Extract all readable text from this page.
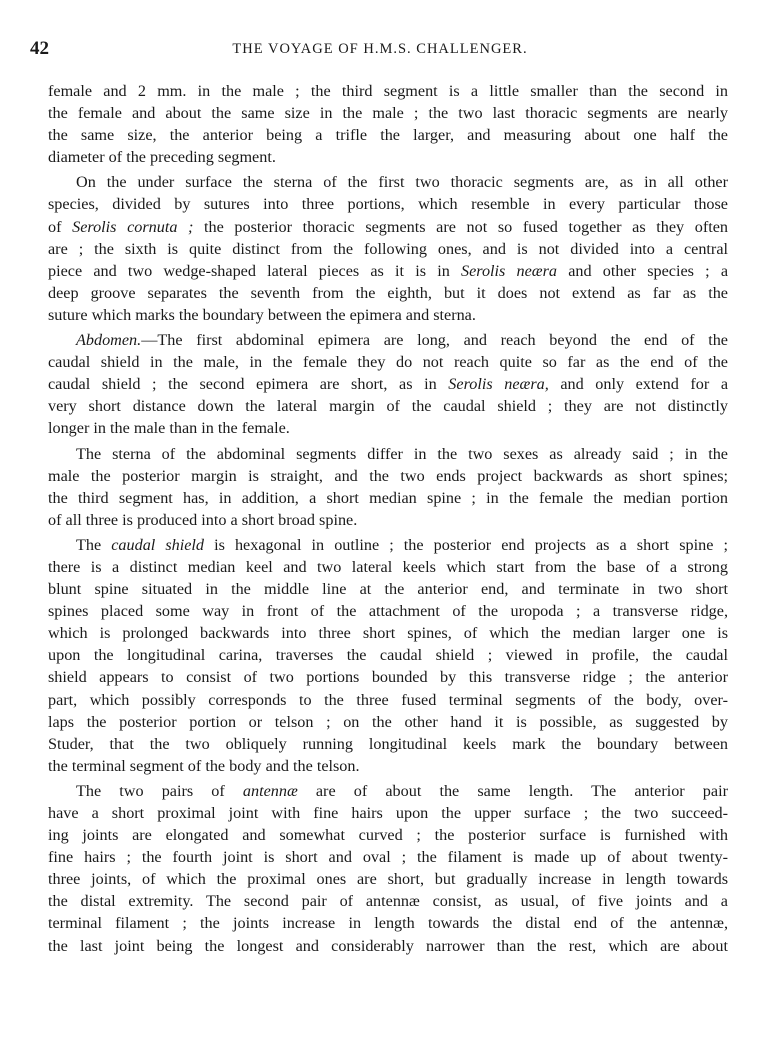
42	THE VOYAGE OF H.M.S. CHALLENGER.

female and 2 mm. in the male ; the third segment is a little smaller than the second in
the female and about the same size in the male ; the two last thoracic segments are nearly
the same size, the anterior being a trifle the larger, and measuring about one half the
diameter of the preceding segment.

On the under surface the sterna of the first two thoracic segments are, as in all other
species, divided by sutures into three portions, which resemble in every particular those
of Serolis cornuta ; the posterior thoracic segments are not so fused together as they often
are ; the sixth is quite distinct from the following ones, and is not divided into a central
piece and two wedge-shaped lateral pieces as it is in Serolis neæra and other species ; a
deep groove separates the seventh from the eighth, but it does not extend as far as the
suture which marks the boundary between the epimera and sterna.

Abdomen.—The first abdominal epimera are long, and reach beyond the end of the
caudal shield in the male, in the female they do not reach quite so far as the end of the
caudal shield ; the second epimera are short, as in Serolis neæra, and only extend for a
very short distance down the lateral margin of the caudal shield ; they are not distinctly
longer in the male than in the female.

The sterna of the abdominal segments differ in the two sexes as already said ; in the
male the posterior margin is straight, and the two ends project backwards as short spines;
the third segment has, in addition, a short median spine ; in the female the median portion
of all three is produced into a short broad spine.

The caudal shield is hexagonal in outline ; the posterior end projects as a short spine ;
there is a distinct median keel and two lateral keels which start from the base of a strong
blunt spine situated in the middle line at the anterior end, and terminate in two short
spines placed some way in front of the attachment of the uropoda ; a transverse ridge,
which is prolonged backwards into three short spines, of which the median larger one is
upon the longitudinal carina, traverses the caudal shield ; viewed in profile, the caudal
shield appears to consist of two portions bounded by this transverse ridge ; the anterior
part, which possibly corresponds to the three fused terminal segments of the body, over-
laps the posterior portion or telson ; on the other hand it is possible, as suggested by
Studer, that the two obliquely running longitudinal keels mark the boundary between
the terminal segment of the body and the telson.

The two pairs of antennæ are of about the same length. The anterior pair
have a short proximal joint with fine hairs upon the upper surface ; the two succeed-
ing joints are elongated and somewhat curved ; the posterior surface is furnished with
fine hairs ; the fourth joint is short and oval ; the filament is made up of about twenty-
three joints, of which the proximal ones are short, but gradually increase in length towards
the distal extremity. The second pair of antennæ consist, as usual, of five joints and a
terminal filament ; the joints increase in length towards the distal end of the antennæ,
the last joint being the longest and considerably narrower than the rest, which are about
